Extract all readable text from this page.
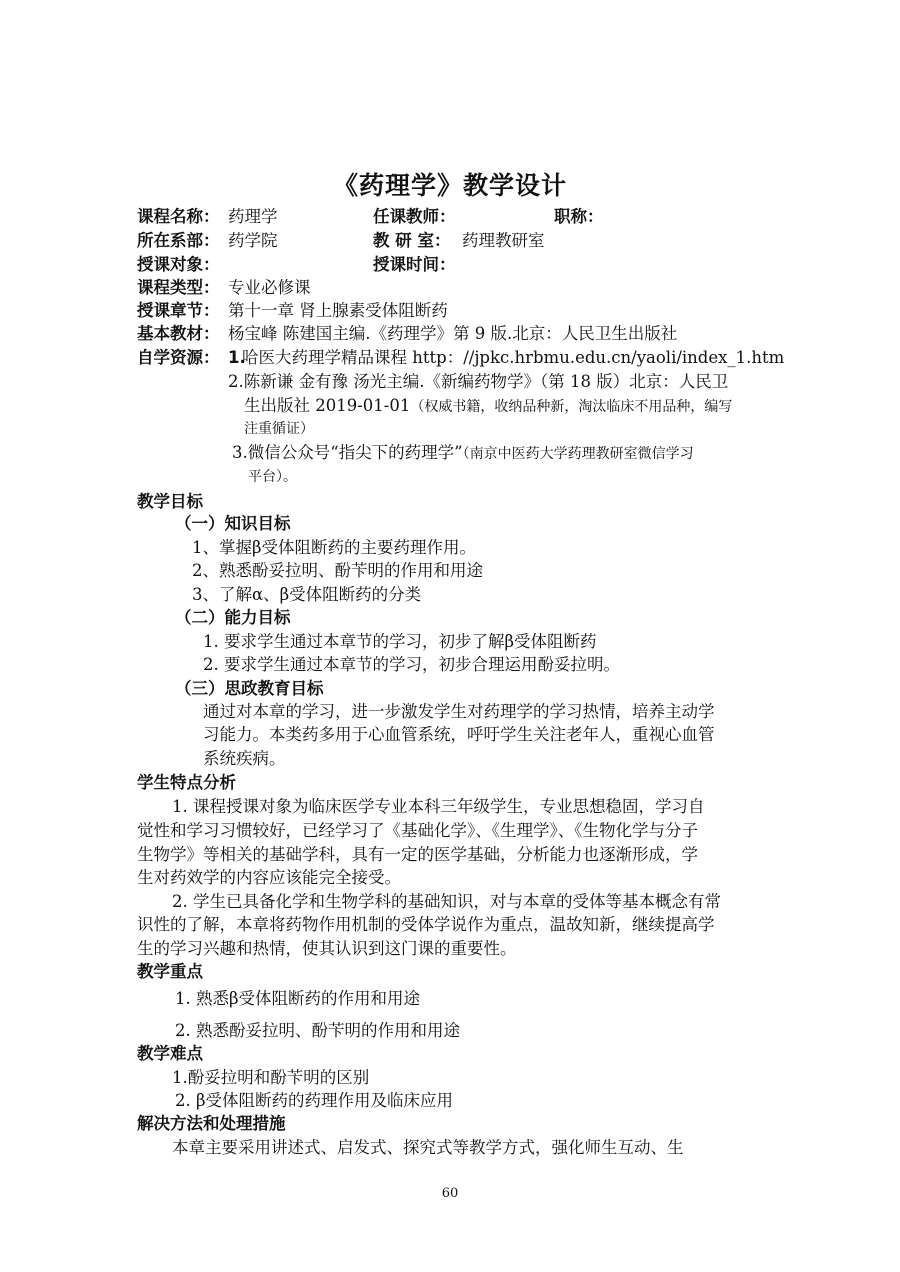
《药理学》教学设计
课程名称： 药理学	任课教师：	职称：
所在系部： 药学院	教 研 室： 药理教研室
授课对象：	授课时间：
课程类型： 专业必修课
授课章节： 第十一章 肾上腺素受体阻断药
基本教材： 杨宝峰 陈建国主编.《药理学》第 9 版.北京：人民卫生出版社
自学资源： 1.
哈医大药理学精品课程 http：//jpkc.hrbmu.edu.cn/yaoli/index_1.htm
2.陈新谦 金有豫 汤光主编.《新编药物学》（第 18 版）北京：人民卫
生出版社 2019-01-01（权威书籍，收纳品种新，淘汰临床不用品种，编写
注重循证）
3.微信公众号“指尖下的药理学”（南京中医药大学药理教研室微信学习
平台）。
教学目标
（一）知识目标
1、掌握β受体阻断药的主要药理作用。
2、熟悉酚妥拉明、酚苄明的作用和用途
3、了解α、β受体阻断药的分类
（二）能力目标
1. 要求学生通过本章节的学习，初步了解β受体阻断药
2. 要求学生通过本章节的学习，初步合理运用酚妥拉明。
（三）思政教育目标
通过对本章的学习，进一步激发学生对药理学的学习热情，培养主动学
习能力。本类药多用于心血管系统，呼吁学生关注老年人，重视心血管
系统疾病。
学生特点分析
1. 课程授课对象为临床医学专业本科三年级学生，专业思想稳固，学习自
觉性和学习习惯较好，已经学习了《基础化学》、《生理学》、《生物化学与分子
生物学》等相关的基础学科，具有一定的医学基础，分析能力也逐渐形成，学
生对药效学的内容应该能完全接受。
2. 学生已具备化学和生物学科的基础知识，对与本章的受体等基本概念有常
识性的了解，本章将药物作用机制的受体学说作为重点，温故知新，继续提高学
生的学习兴趣和热情，使其认识到这门课的重要性。
教学重点
1. 熟悉β受体阻断药的作用和用途
2. 熟悉酚妥拉明、酚苄明的作用和用途
教学难点
1.酚妥拉明和酚苄明的区别
2. β受体阻断药的药理作用及临床应用
解决方法和处理措施
本章主要采用讲述式、启发式、探究式等教学方式，强化师生互动、生
60
